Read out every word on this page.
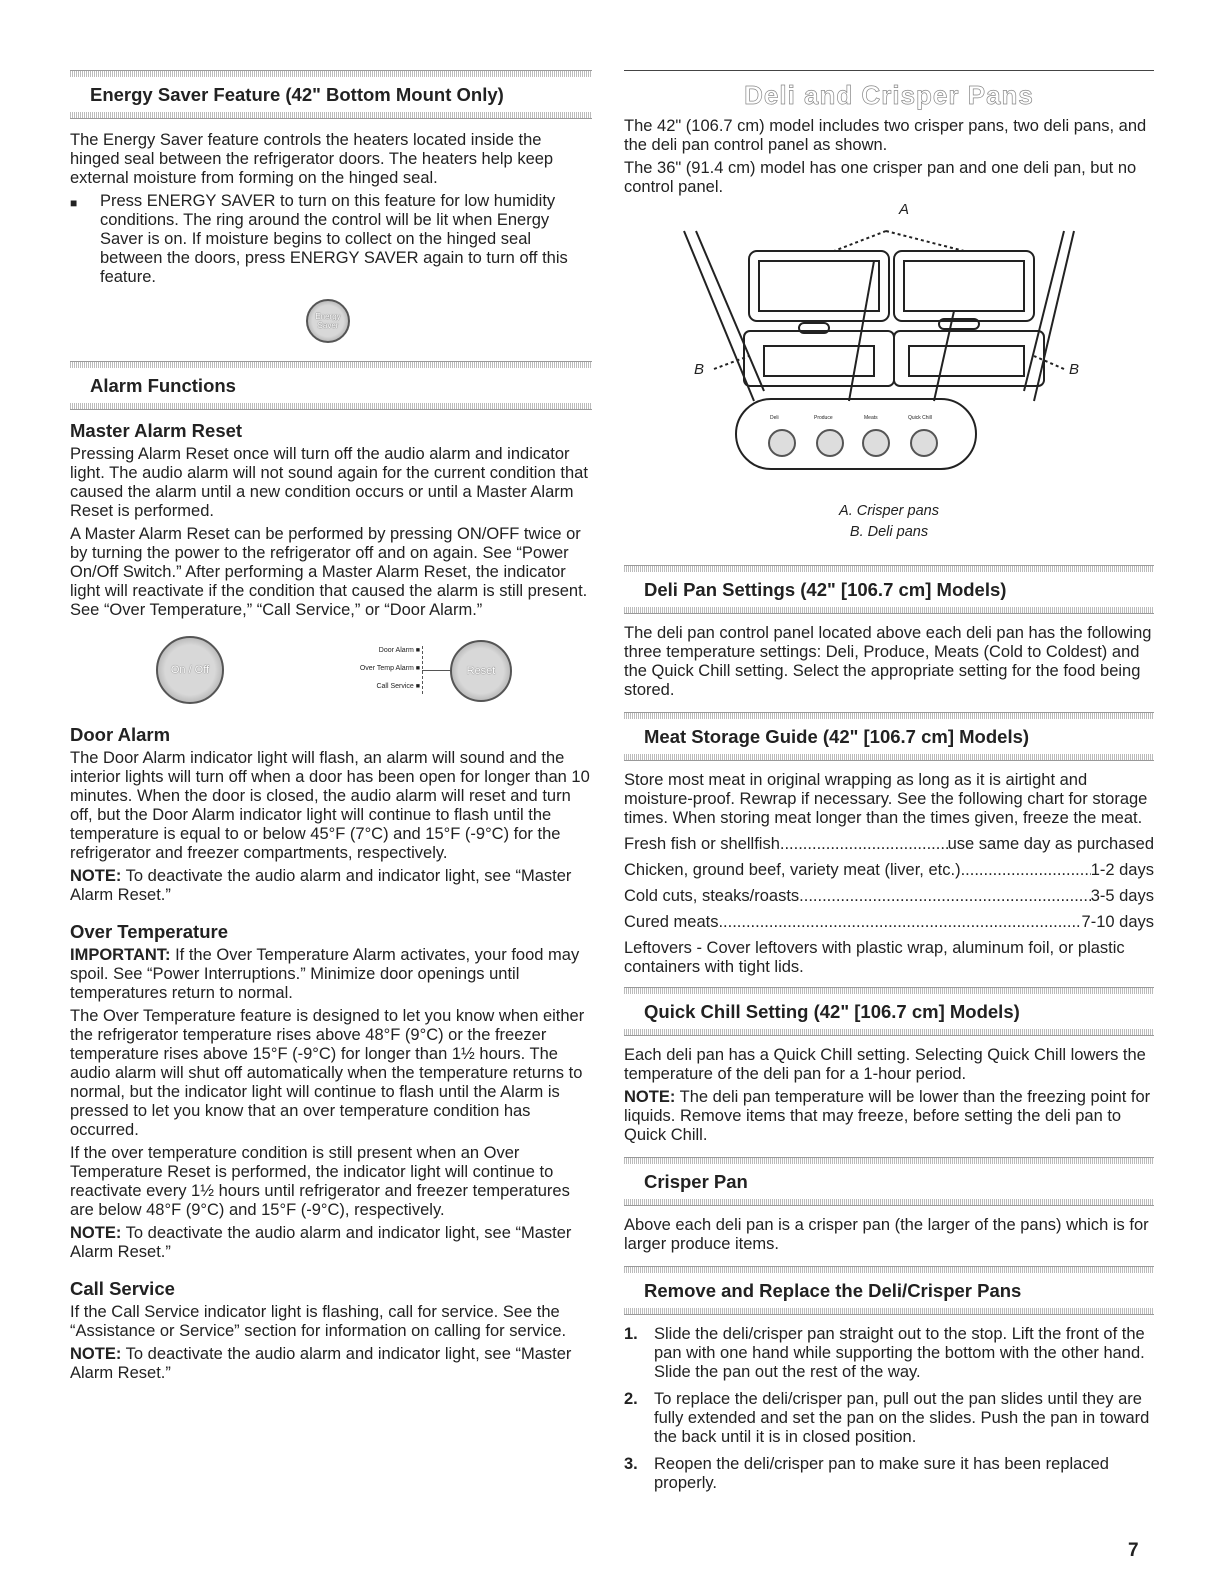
Energy Saver Feature (42" Bottom Mount Only)

The Energy Saver feature controls the heaters located inside the hinged seal between the refrigerator doors. The heaters help keep external moisture from forming on the hinged seal.

■	Press ENERGY SAVER to turn on this feature for low humidity conditions. The ring around the control will be lit when Energy Saver is on. If moisture begins to collect on the hinged seal between the doors, press ENERGY SAVER again to turn off this feature.
Energy
Saver
Alarm Functions
Master Alarm Reset

Pressing Alarm Reset once will turn off the audio alarm and indicator light. The audio alarm will not sound again for the current condition that caused the alarm until a new condition occurs or until a Master Alarm Reset is performed.

A Master Alarm Reset can be performed by pressing ON/OFF twice or by turning the power to the refrigerator off and on again. See “Power On/Off Switch.” After performing a Master Alarm Reset, the indicator light will reactivate if the condition that caused the alarm is still present. See “Over Temperature,” “Call Service,” or “Door Alarm.”

On / Off
Door Alarm ■
Over Temp Alarm ■
Call Service ■
Reset
Door Alarm

The Door Alarm indicator light will flash, an alarm will sound and the interior lights will turn off when a door has been open for longer than 10 minutes. When the door is closed, the audio alarm will reset and turn off, but the Door Alarm indicator light will continue to flash until the temperature is equal to or below 45°F (7°C) and 15°F (-9°C) for the refrigerator and freezer compartments, respectively.

NOTE: To deactivate the audio alarm and indicator light, see “Master Alarm Reset.”

Over Temperature

IMPORTANT: If the Over Temperature Alarm activates, your food may spoil. See “Power Interruptions.” Minimize door openings until temperatures return to normal.

The Over Temperature feature is designed to let you know when either the refrigerator temperature rises above 48°F (9°C) or the freezer temperature rises above 15°F (-9°C) for longer than 1½ hours. The audio alarm will shut off automatically when the temperature returns to normal, but the indicator light will continue to flash until the Alarm is pressed to let you know that an over temperature condition has occurred.

If the over temperature condition is still present when an Over Temperature Reset is performed, the indicator light will continue to reactivate every 1½ hours until refrigerator and freezer temperatures are below 48°F (9°C) and 15°F (-9°C), respectively.

NOTE: To deactivate the audio alarm and indicator light, see “Master Alarm Reset.”

Call Service

If the Call Service indicator light is flashing, call for service. See the “Assistance or Service” section for information on calling for service.

NOTE: To deactivate the audio alarm and indicator light, see “Master Alarm Reset.”

Deli and Crisper Pans

The 42" (106.7 cm) model includes two crisper pans, two deli pans, and the deli pan control panel as shown.

The 36" (91.4 cm) model has one crisper pan and one deli pan, but no control panel.

A
B	B
Deli	Produce	Meats	Quick Chill
A. Crisper pans
B. Deli pans
Deli Pan Settings (42" [106.7 cm] Models)

The deli pan control panel located above each deli pan has the following three temperature settings: Deli, Produce, Meats (Cold to Coldest) and the Quick Chill setting. Select the appropriate setting for the food being stored.

Meat Storage Guide (42" [106.7 cm] Models)

Store most meat in original wrapping as long as it is airtight and moisture-proof. Rewrap if necessary. See the following chart for storage times. When storing meat longer than the times given, freeze the meat.

Fresh fish or shellfish .....	use same day as purchased
Chicken, ground beef, variety meat (liver, etc.) .....	1-2 days
Cold cuts, steaks/roasts .....	3-5 days
Cured meats .....	7-10 days

Leftovers - Cover leftovers with plastic wrap, aluminum foil, or plastic containers with tight lids.

Quick Chill Setting (42" [106.7 cm] Models)

Each deli pan has a Quick Chill setting. Selecting Quick Chill lowers the temperature of the deli pan for a 1-hour period.

NOTE: The deli pan temperature will be lower than the freezing point for liquids. Remove items that may freeze, before setting the deli pan to Quick Chill.

Crisper Pan

Above each deli pan is a crisper pan (the larger of the pans) which is for larger produce items.

Remove and Replace the Deli/Crisper Pans
1. Slide the deli/crisper pan straight out to the stop. Lift the front of the pan with one hand while supporting the bottom with the other hand. Slide the pan out the rest of the way.
2. To replace the deli/crisper pan, pull out the pan slides until they are fully extended and set the pan on the slides. Push the pan in toward the back until it is in closed position.
3. Reopen the deli/crisper pan to make sure it has been replaced properly.
7
